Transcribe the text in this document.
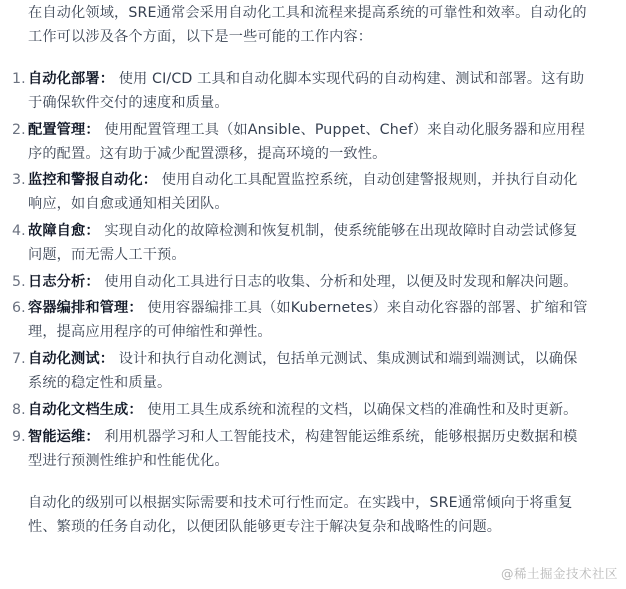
在自动化领域，SRE通常会采用自动化工具和流程来提高系统的可靠性和效率。自动化的工作可以涉及各个方面，以下是一些可能的工作内容：

1. 自动化部署： 使用 CI/CD 工具和自动化脚本实现代码的自动构建、测试和部署。这有助于确保软件交付的速度和质量。
2. 配置管理： 使用配置管理工具（如Ansible、Puppet、Chef）来自动化服务器和应用程序的配置。这有助于减少配置漂移，提高环境的一致性。
3. 监控和警报自动化： 使用自动化工具配置监控系统，自动创建警报规则，并执行自动化响应，如自愈或通知相关团队。
4. 故障自愈： 实现自动化的故障检测和恢复机制，使系统能够在出现故障时自动尝试修复问题，而无需人工干预。
5. 日志分析： 使用自动化工具进行日志的收集、分析和处理，以便及时发现和解决问题。
6. 容器编排和管理： 使用容器编排工具（如Kubernetes）来自动化容器的部署、扩缩和管理，提高应用程序的可伸缩性和弹性。
7. 自动化测试： 设计和执行自动化测试，包括单元测试、集成测试和端到端测试，以确保系统的稳定性和质量。
8. 自动化文档生成： 使用工具生成系统和流程的文档，以确保文档的准确性和及时更新。
9. 智能运维： 利用机器学习和人工智能技术，构建智能运维系统，能够根据历史数据和模型进行预测性维护和性能优化。

自动化的级别可以根据实际需要和技术可行性而定。在实践中，SRE通常倾向于将重复性、繁琐的任务自动化，以便团队能够更专注于解决复杂和战略性的问题。

@稀土掘金技术社区
